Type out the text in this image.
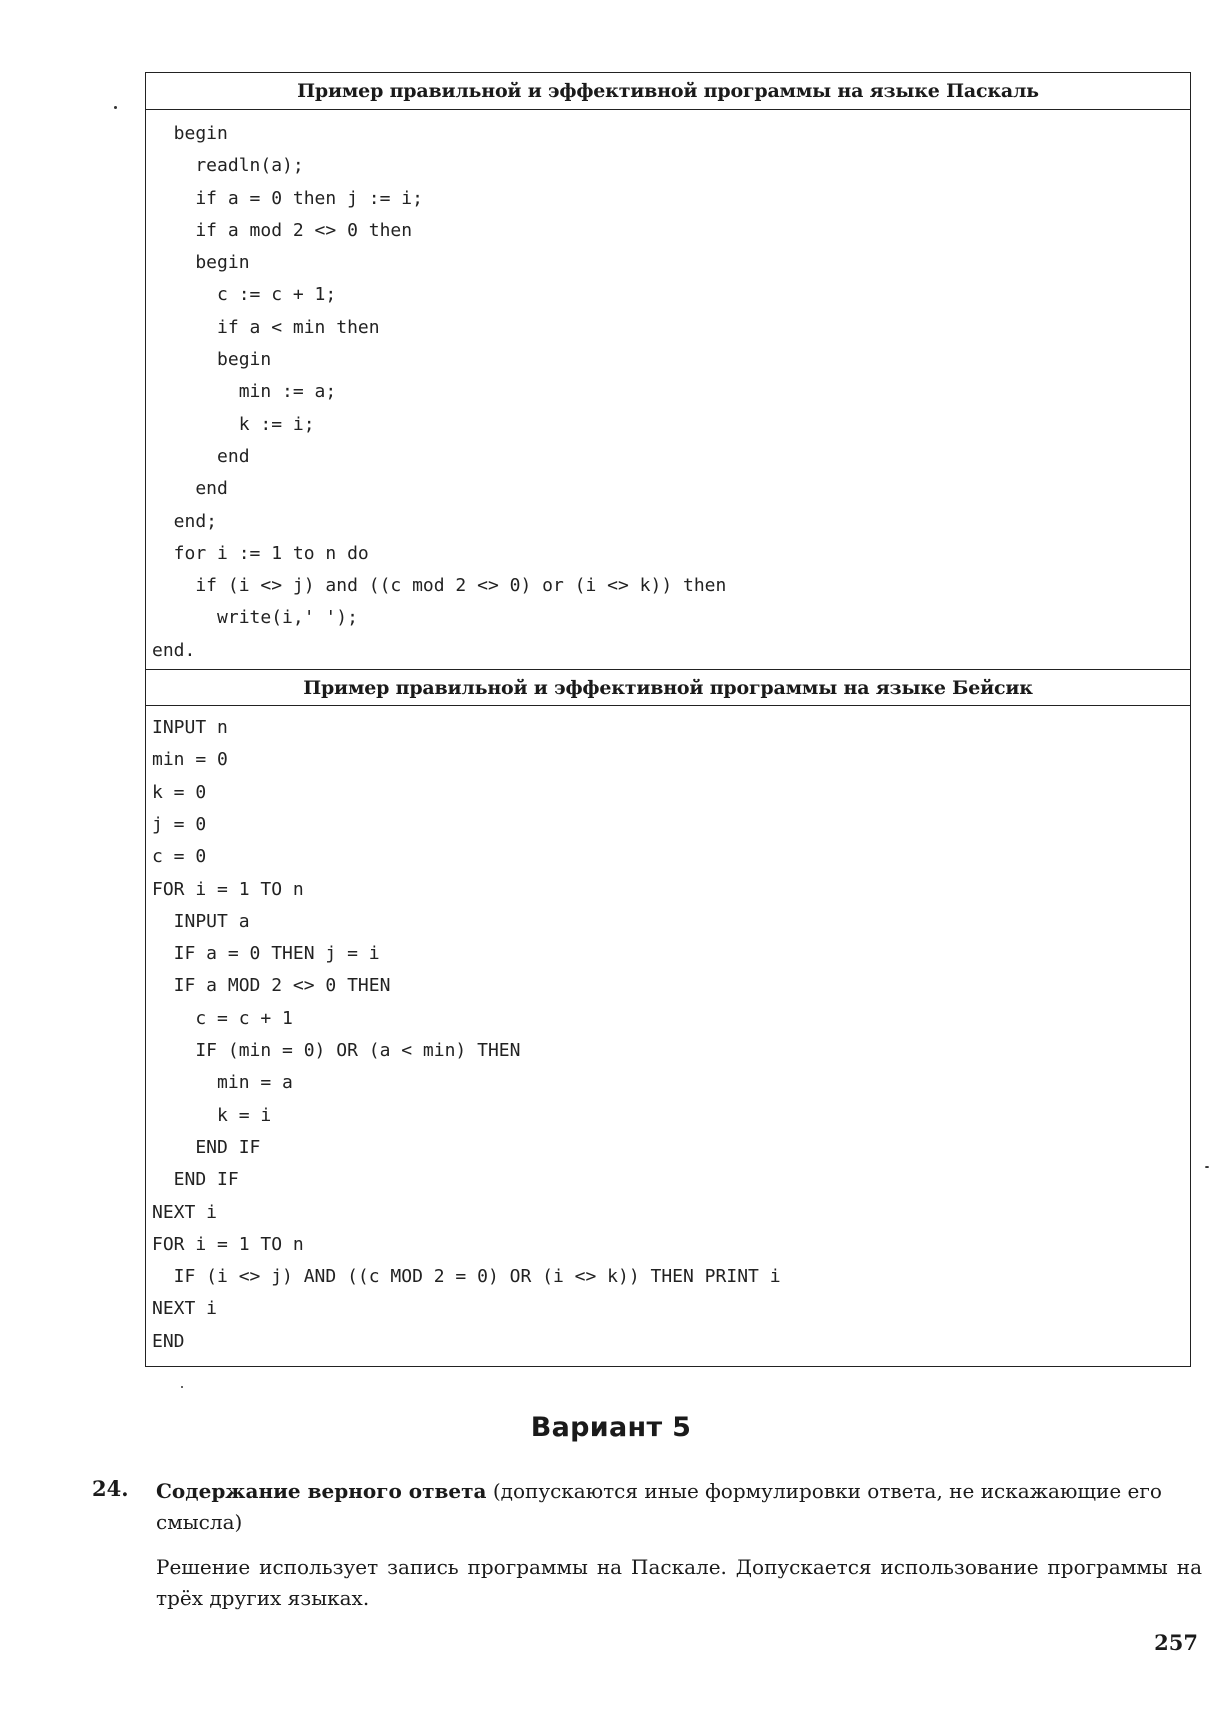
Пример правильной и эффективной программы на языке Паскаль
begin
readln(a);
if a = 0 then j := i;
if a mod 2 <> 0 then
begin
c := c + 1;
if a < min then
begin
min := a;
k := i;
end
end
end;
for i := 1 to n do
if (i <> j) and ((c mod 2 <> 0) or (i <> k)) then
write(i,' ');
end.
Пример правильной и эффективной программы на языке Бейсик
INPUT n
min = 0
k = 0
j = 0
c = 0
FOR i = 1 TO n
INPUT a
IF a = 0 THEN j = i
IF a MOD 2 <> 0 THEN
c = c + 1
IF (min = 0) OR (a < min) THEN
min = a
k = i
END IF
END IF
NEXT i
FOR i = 1 TO n
IF (i <> j) AND ((c MOD 2 = 0) OR (i <> k)) THEN PRINT i
NEXT i
END
Вариант 5
24. Содержание верного ответа (допускаются иные формулировки ответа, не искажающие его смысла)
Решение использует запись программы на Паскале. Допускается использование программы на трёх других языках.
257
